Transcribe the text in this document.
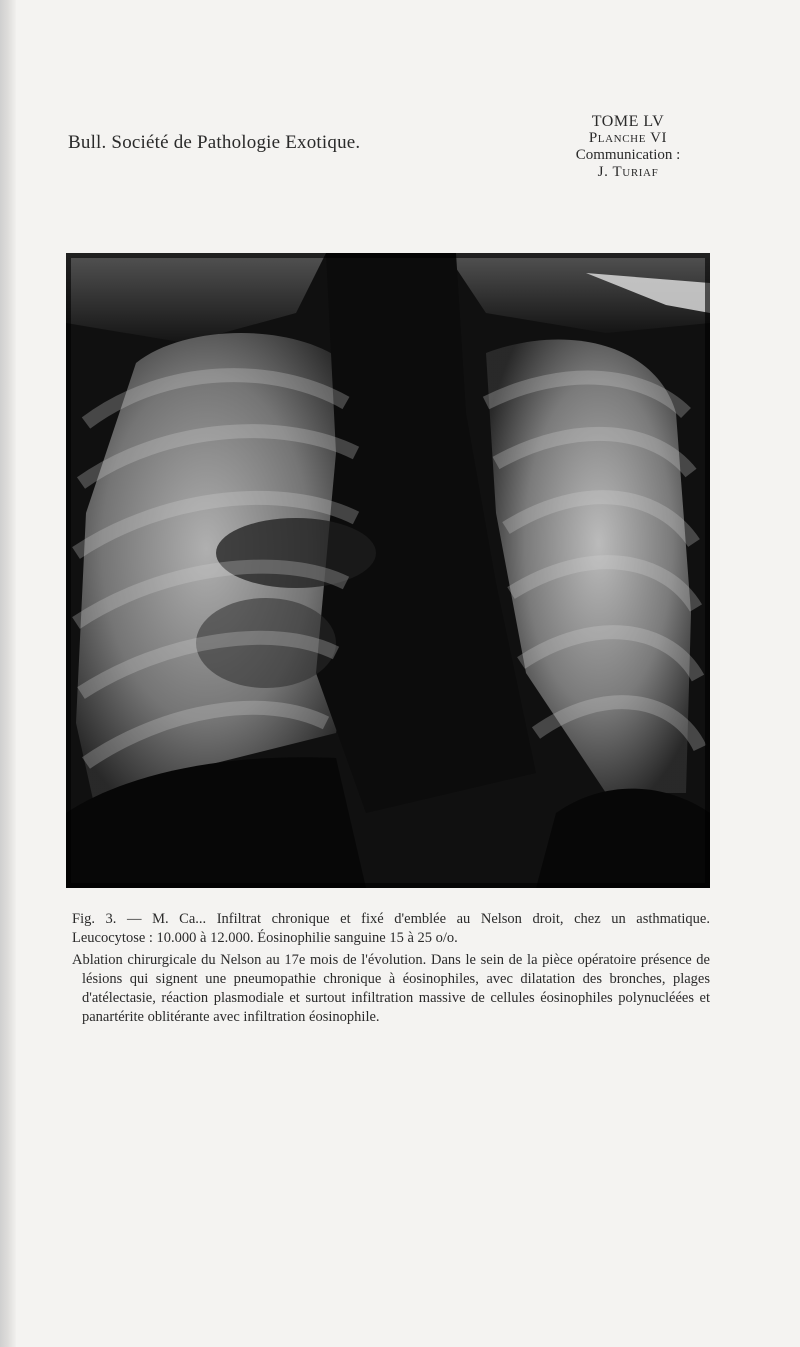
Bull. Société de Pathologie Exotique.
TOME LV
Planche VI
Communication :
J. Turiaf
Fig. 3. — M. Ca... Infiltrat chronique et fixé d'emblée au Nelson droit, chez un asthmatique.
Leucocytose : 10.000 à 12.000. Éosinophilie sanguine 15 à 25 o/o.
Ablation chirurgicale du Nelson au 17e mois de l'évolution. Dans le sein de la pièce opératoire présence de lésions qui signent une pneumopathie chronique à éosinophiles, avec dilatation des bronches, plages d'atélectasie, réaction plasmodiale et surtout infiltration massive de cellules éosinophiles polynucléées et panartérite oblitérante avec infiltration éosinophile.
